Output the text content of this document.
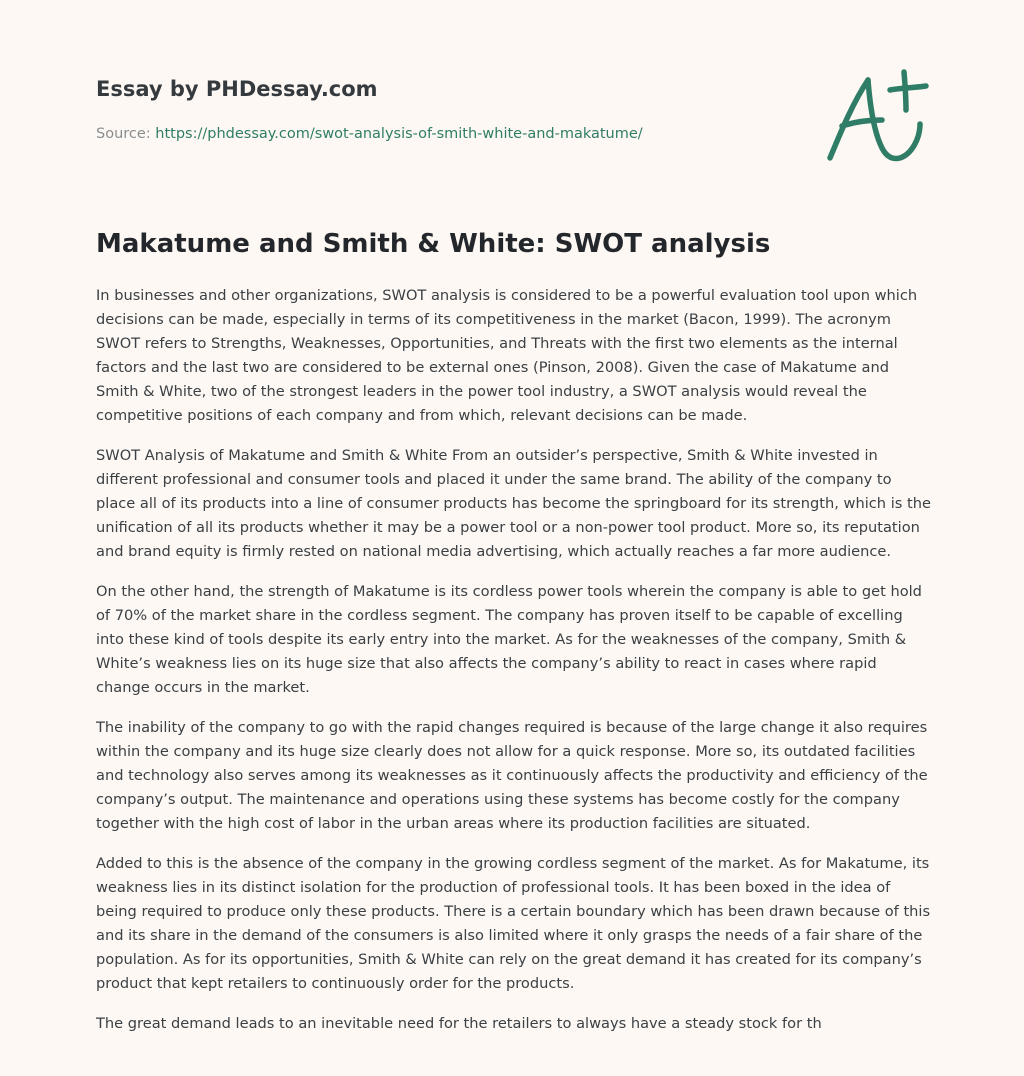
Essay by PHDessay.com
Source: https://phdessay.com/swot-analysis-of-smith-white-and-makatume/
Makatume and Smith & White: SWOT analysis

In businesses and other organizations, SWOT analysis is considered to be a powerful evaluation tool upon which decisions can be made, especially in terms of its competitiveness in the market (Bacon, 1999). The acronym SWOT refers to Strengths, Weaknesses, Opportunities, and Threats with the first two elements as the internal factors and the last two are considered to be external ones (Pinson, 2008). Given the case of Makatume and Smith & White, two of the strongest leaders in the power tool industry, a SWOT analysis would reveal the competitive positions of each company and from which, relevant decisions can be made.

SWOT Analysis of Makatume and Smith & White From an outsider’s perspective, Smith & White invested in different professional and consumer tools and placed it under the same brand. The ability of the company to place all of its products into a line of consumer products has become the springboard for its strength, which is the unification of all its products whether it may be a power tool or a non-power tool product. More so, its reputation and brand equity is firmly rested on national media advertising, which actually reaches a far more audience.

On the other hand, the strength of Makatume is its cordless power tools wherein the company is able to get hold of 70% of the market share in the cordless segment. The company has proven itself to be capable of excelling into these kind of tools despite its early entry into the market. As for the weaknesses of the company, Smith & White’s weakness lies on its huge size that also affects the company’s ability to react in cases where rapid change occurs in the market.

The inability of the company to go with the rapid changes required is because of the large change it also requires within the company and its huge size clearly does not allow for a quick response. More so, its outdated facilities and technology also serves among its weaknesses as it continuously affects the productivity and efficiency of the company’s output. The maintenance and operations using these systems has become costly for the company together with the high cost of labor in the urban areas where its production facilities are situated.

Added to this is the absence of the company in the growing cordless segment of the market. As for Makatume, its weakness lies in its distinct isolation for the production of professional tools. It has been boxed in the idea of being required to produce only these products. There is a certain boundary which has been drawn because of this and its share in the demand of the consumers is also limited where it only grasps the needs of a fair share of the population. As for its opportunities, Smith & White can rely on the great demand it has created for its company’s product that kept retailers to continuously order for the products.

The great demand leads to an inevitable need for the retailers to always have a steady stock for th
